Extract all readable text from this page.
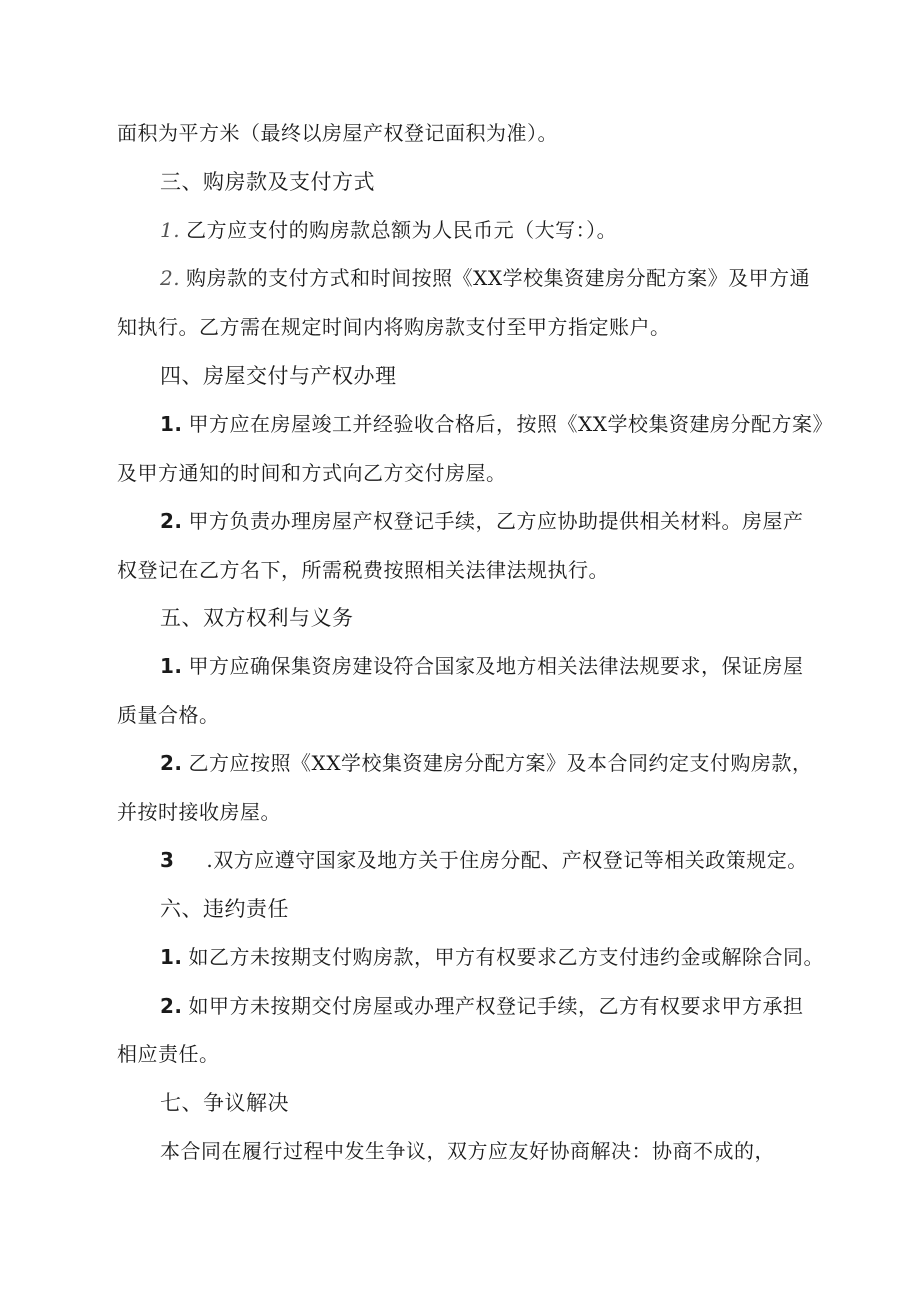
面积为平方米（最终以房屋产权登记面积为准）。
三、购房款及支付方式
1. 乙方应支付的购房款总额为人民币元（大写：）。
2. 购房款的支付方式和时间按照《XX学校集资建房分配方案》及甲方通
知执行。乙方需在规定时间内将购房款支付至甲方指定账户。
四、房屋交付与产权办理
1. 甲方应在房屋竣工并经验收合格后，按照《XX学校集资建房分配方案》
及甲方通知的时间和方式向乙方交付房屋。
2. 甲方负责办理房屋产权登记手续，乙方应协助提供相关材料。房屋产
权登记在乙方名下，所需税费按照相关法律法规执行。
五、双方权利与义务
1. 甲方应确保集资房建设符合国家及地方相关法律法规要求，保证房屋
质量合格。
2. 乙方应按照《XX学校集资建房分配方案》及本合同约定支付购房款，
并按时接收房屋。
3 .双方应遵守国家及地方关于住房分配、产权登记等相关政策规定。
六、违约责任
1. 如乙方未按期支付购房款，甲方有权要求乙方支付违约金或解除合同。
2. 如甲方未按期交付房屋或办理产权登记手续，乙方有权要求甲方承担
相应责任。
七、争议解决
本合同在履行过程中发生争议，双方应友好协商解决：协商不成的，
